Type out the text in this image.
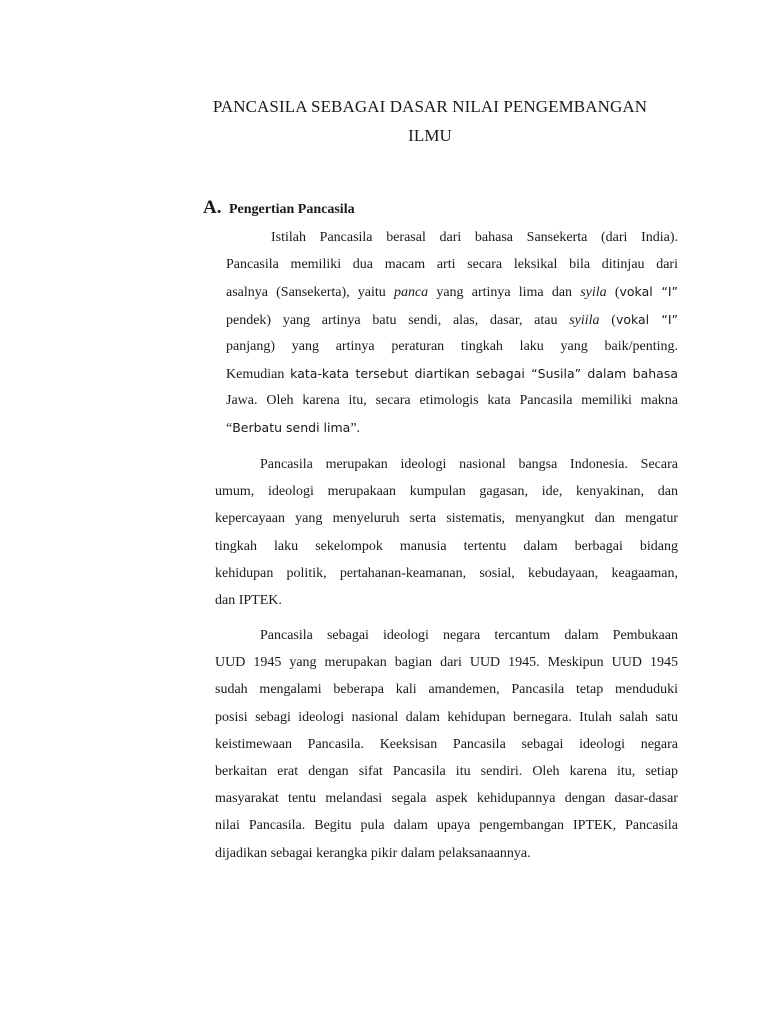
PANCASILA SEBAGAI DASAR NILAI PENGEMBANGAN
ILMU
A. Pengertian Pancasila
Istilah Pancasila berasal dari bahasa Sansekerta (dari India).
Pancasila memiliki dua macam arti secara leksikal bila ditinjau dari
asalnya (Sansekerta), yaitu panca yang artinya lima dan syila (vokal “I”
pendek) yang artinya batu sendi, alas, dasar, atau syiila (vokal “I”
panjang) yang artinya peraturan tingkah laku yang baik/penting.
Kemudian kata-kata tersebut diartikan sebagai “Susila” dalam bahasa
Jawa. Oleh karena itu, secara etimologis kata Pancasila memiliki makna
“Berbatu sendi lima”.
Pancasila merupakan ideologi nasional bangsa Indonesia. Secara
umum, ideologi merupakaan kumpulan gagasan, ide, kenyakinan, dan
kepercayaan yang menyeluruh serta sistematis, menyangkut dan mengatur
tingkah laku sekelompok manusia tertentu dalam berbagai bidang
kehidupan politik, pertahanan-keamanan, sosial, kebudayaan, keagaaman,
dan IPTEK.
Pancasila sebagai ideologi negara tercantum dalam Pembukaan
UUD 1945 yang merupakan bagian dari UUD 1945. Meskipun UUD 1945
sudah mengalami beberapa kali amandemen, Pancasila tetap menduduki
posisi sebagi ideologi nasional dalam kehidupan bernegara. Itulah salah satu
keistimewaan Pancasila. Keeksisan Pancasila sebagai ideologi negara
berkaitan erat dengan sifat Pancasila itu sendiri. Oleh karena itu, setiap
masyarakat tentu melandasi segala aspek kehidupannya dengan dasar-dasar
nilai Pancasila. Begitu pula dalam upaya pengembangan IPTEK, Pancasila
dijadikan sebagai kerangka pikir dalam pelaksanaannya.
